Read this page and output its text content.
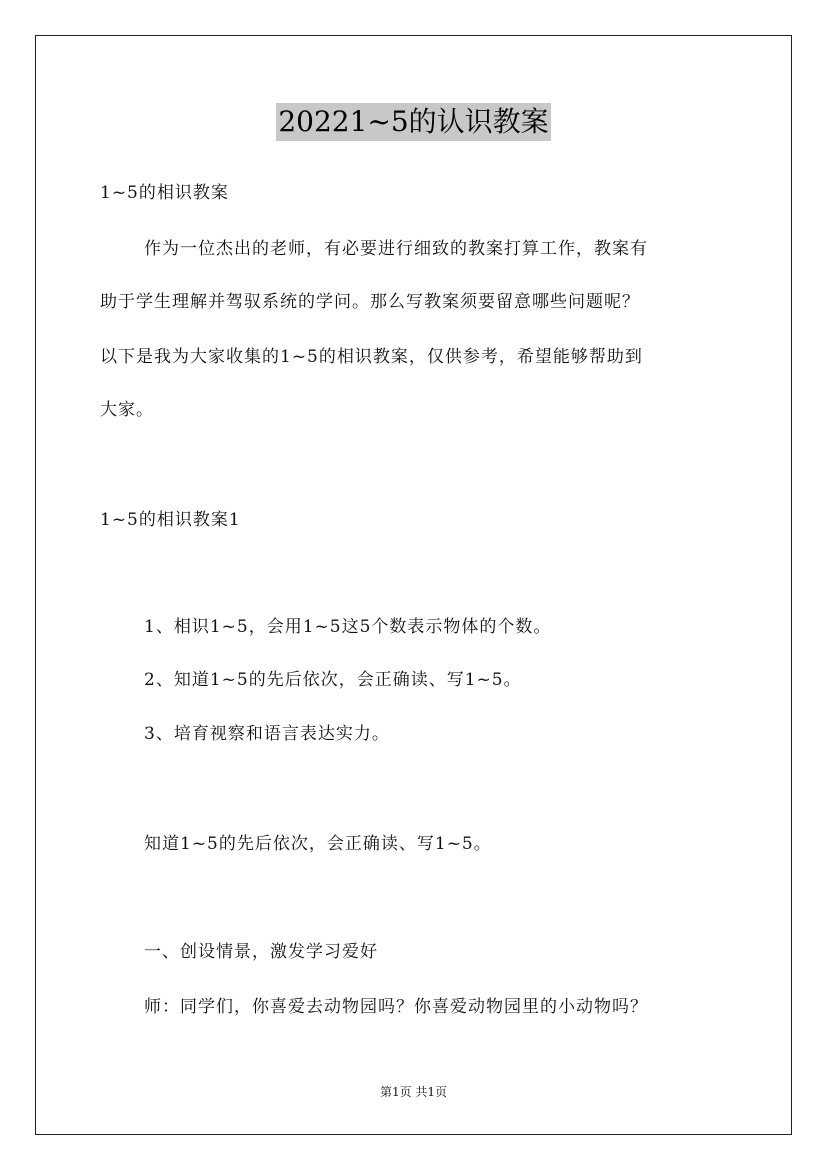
20221~5的认识教案
1~5的相识教案
作为一位杰出的老师，有必要进行细致的教案打算工作，教案有
助于学生理解并驾驭系统的学问。那么写教案须要留意哪些问题呢？
以下是我为大家收集的1~5的相识教案，仅供参考，希望能够帮助到
大家。
1~5的相识教案1
1、相识1~5，会用1~5这5个数表示物体的个数。
2、知道1~5的先后依次，会正确读、写1~5。
3、培育视察和语言表达实力。
知道1~5的先后依次，会正确读、写1~5。
一、创设情景，激发学习爱好
师：同学们，你喜爱去动物园吗？你喜爱动物园里的小动物吗？
第1页 共1页
